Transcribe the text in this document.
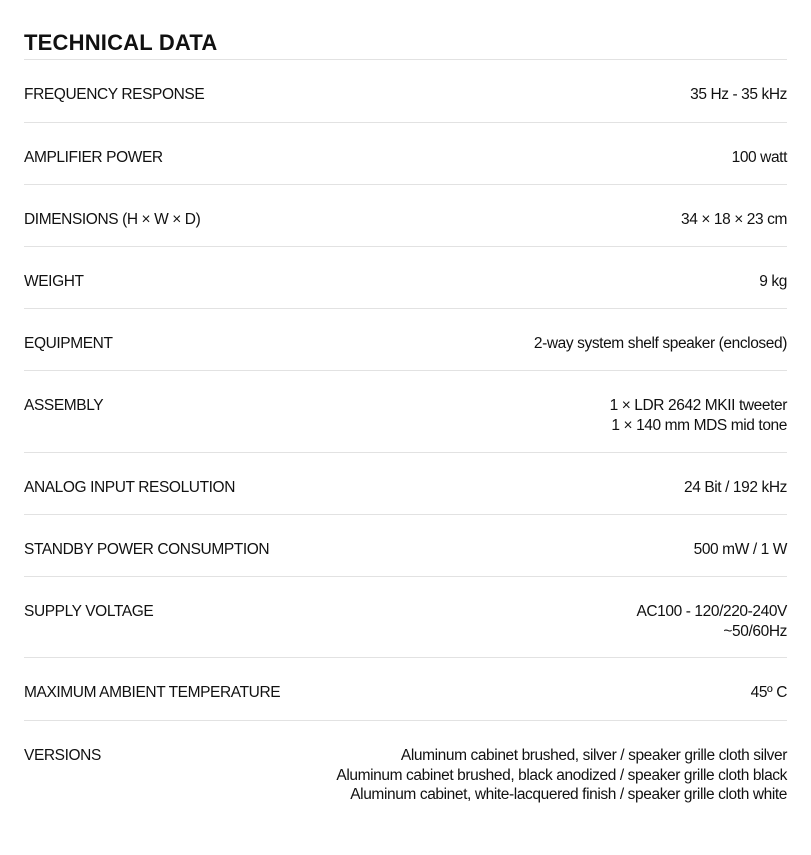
TECHNICAL DATA
FREQUENCY RESPONSE	35 Hz - 35 kHz
AMPLIFIER POWER	100 watt
DIMENSIONS (H × W × D)	34 × 18 × 23 cm
WEIGHT	9 kg
EQUIPMENT	2-way system shelf speaker (enclosed)
ASSEMBLY	1 × LDR 2642 MKII tweeter
1 × 140 mm MDS mid tone
ANALOG INPUT RESOLUTION	24 Bit / 192 kHz
STANDBY POWER CONSUMPTION	500 mW / 1 W
SUPPLY VOLTAGE	AC100 - 120/220-240V
~50/60Hz
MAXIMUM AMBIENT TEMPERATURE	45º C
VERSIONS	Aluminum cabinet brushed, silver / speaker grille cloth silver
Aluminum cabinet brushed, black anodized / speaker grille cloth black
Aluminum cabinet, white-lacquered finish / speaker grille cloth white
